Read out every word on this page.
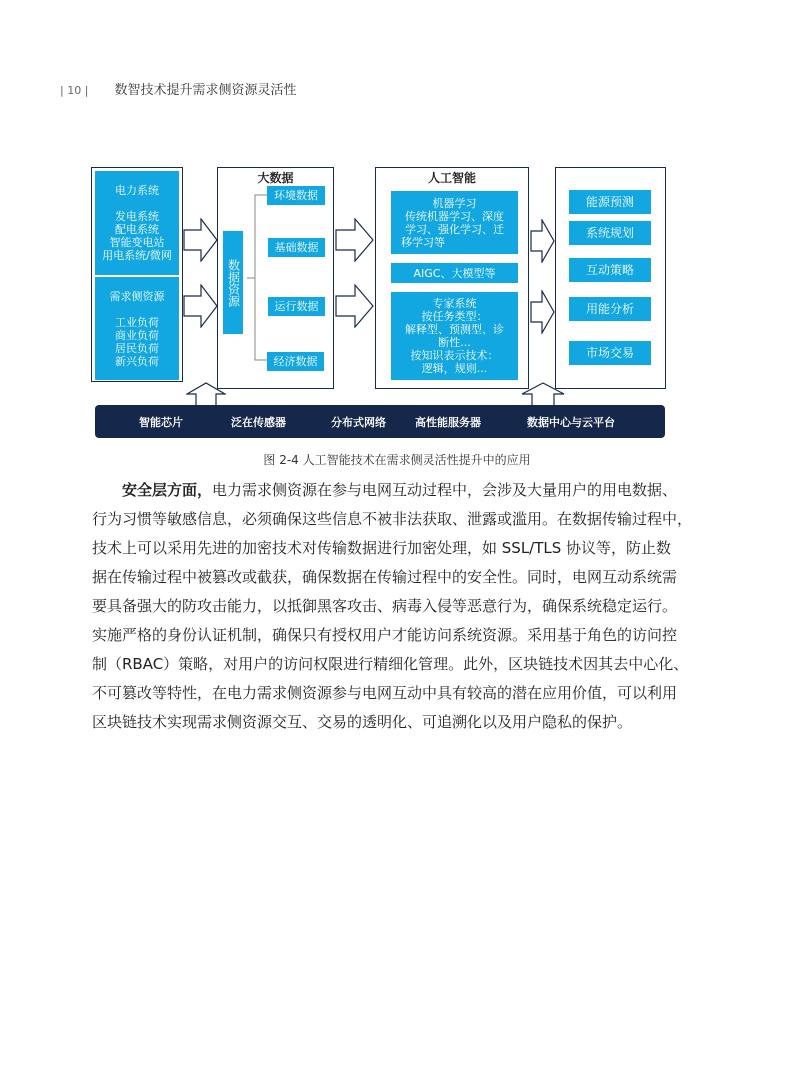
| 10 | 数智技术提升需求侧资源灵活性
电力系统
发电系统
配电系统
智能变电站
用电系统/微网
需求侧资源
工业负荷
商业负荷
居民负荷
新兴负荷
大数据
数据资源
环境数据
基础数据
运行数据
经济数据
人工智能
机器学习
传统机器学习、深度
学习、强化学习、迁
移学习等
AIGC、大模型等
专家系统
按任务类型：
解释型、预测型、诊
断性...
按知识表示技术：
逻辑，规则...
能源预测
系统规划
互动策略
用能分析
市场交易
智能芯片	泛在传感器	分布式网络	高性能服务器	数据中心与云平台
图 2-4 人工智能技术在需求侧灵活性提升中的应用
安全层方面，电力需求侧资源在参与电网互动过程中，会涉及大量用户的用电数据、
行为习惯等敏感信息，必须确保这些信息不被非法获取、泄露或滥用。在数据传输过程中，
技术上可以采用先进的加密技术对传输数据进行加密处理，如 SSL/TLS 协议等，防止数
据在传输过程中被篡改或截获，确保数据在传输过程中的安全性。同时，电网互动系统需
要具备强大的防攻击能力，以抵御黑客攻击、病毒入侵等恶意行为，确保系统稳定运行。
实施严格的身份认证机制，确保只有授权用户才能访问系统资源。采用基于角色的访问控
制（RBAC）策略，对用户的访问权限进行精细化管理。此外，区块链技术因其去中心化、
不可篡改等特性，在电力需求侧资源参与电网互动中具有较高的潜在应用价值，可以利用
区块链技术实现需求侧资源交互、交易的透明化、可追溯化以及用户隐私的保护。
